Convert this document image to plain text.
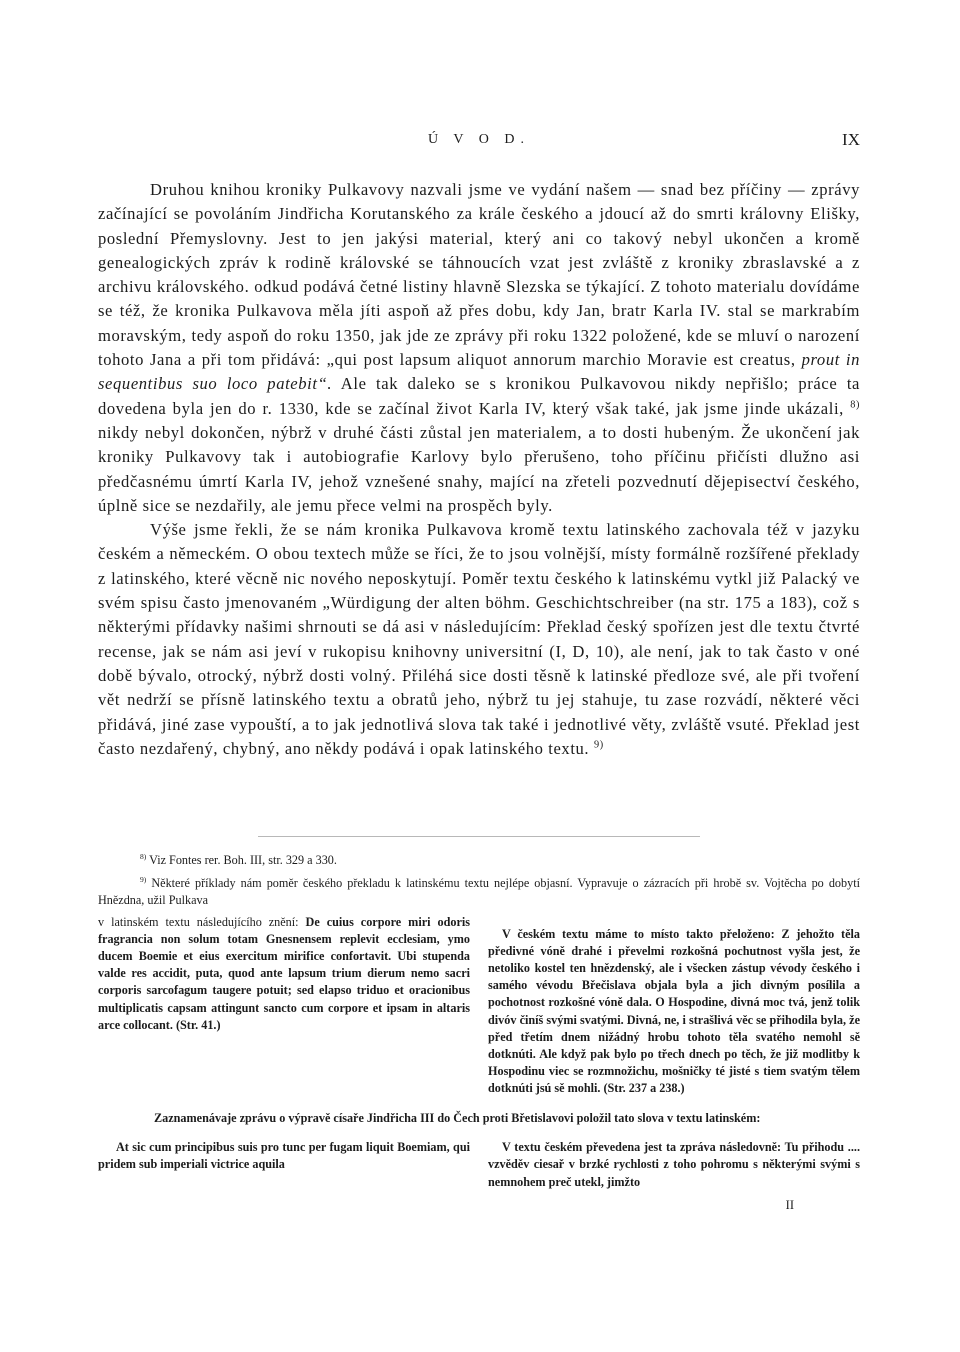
Ú V O D.	IX

Druhou knihou kroniky Pulkavovy nazvali jsme ve vydání našem — snad bez příčiny — zprávy začínající se povoláním Jindřicha Korutanského za krále českého a jdoucí až do smrti královny Elišky, poslední Přemyslovny. Jest to jen jakýsi material, který ani co takový nebyl ukončen a kromě genealogických zpráv k rodině královské se táhnoucích vzat jest zvláště z kroniky zbraslavské a z archivu královského. odkud podává četné listiny hlavně Slezska se týkající. Z tohoto materialu dovídáme se též, že kronika Pulkavova měla jíti aspoň až přes dobu, kdy Jan, bratr Karla IV. stal se markrabím moravským, tedy aspoň do roku 1350, jak jde ze zprávy při roku 1322 položené, kde se mluví o narození tohoto Jana a při tom přidává: „qui post lapsum aliquot annorum marchio Moravie est creatus, prout in sequentibus suo loco patebit“. Ale tak daleko se s kronikou Pulkavovou nikdy nepřišlo; práce ta dovedena byla jen do r. 1330, kde se začínal život Karla IV, který však také, jak jsme jinde ukázali, $^{8)}$ nikdy nebyl dokončen, nýbrž v druhé části zůstal jen materialem, a to dosti hubeným. Že ukončení jak kroniky Pulkavovy tak i autobiografie Karlovy bylo přerušeno, toho příčinu přičísti dlužno asi předčasnému úmrtí Karla IV, jehož vznešené snahy, mající na zřeteli pozvednutí dějepisectví českého, úplně sice se nezdařily, ale jemu přece velmi na prospěch byly.

Výše jsme řekli, že se nám kronika Pulkavova kromě textu latinského zachovala též v jazyku českém a německém. O obou textech může se říci, že to jsou volnější, místy formálně rozšířené překlady z latinského, které věcně nic nového neposkytují. Poměr textu českého k latinskému vytkl již Palacký ve svém spisu často jmenovaném „Würdigung der alten böhm. Geschichtschreiber (na str. 175 a 183), což s některými přídavky našimi shrnouti se dá asi v následujícím: Překlad český spořízen jest dle textu čtvrté recense, jak se nám asi jeví v rukopisu knihovny universitní (I, D, 10), ale není, jak to tak často v oné době bývalo, otrocký, nýbrž dosti volný. Přiléhá sice dosti těsně k latinské předloze své, ale při tvoření vět nedrží se přísně latinského textu a obratů jeho, nýbrž tu jej stahuje, tu zase rozvádí, některé věci přidává, jiné zase vypouští, a to jak jednotlivá slova tak také i jednotlivé věty, zvláště vsuté. Překlad jest často nezdařený, chybný, ano někdy podává i opak latinského textu. $^{9)}$

$^{8)}$ Viz Fontes rer. Boh. III, str. 329 a 330.

$^{9)}$ Některé příklady nám poměr českého překladu k latinskému textu nejlépe objasní. Vypravuje o zázracích při hrobě sv. Vojtěcha po dobytí Hnězdna, užil Pulkava

v latinském textu následujícího znění: De cuius corpore miri odoris fragrancia non solum totam Gnesnensem replevit ecclesiam, ymo ducem Boemie et eius exercitum mirifice confortavit. Ubi stupenda valde res accidit, puta, quod ante lapsum trium dierum nemo sacri corporis sarcofagum taugere potuit; sed elapso triduo et oracionibus multiplicatis capsam attingunt sancto cum corpore et ipsam in altaris arce collocant. (Str. 41.)

V českém textu máme to místo takto přeloženo: Z jehožto těla předivné vóně drahé i převelmi rozkošná pochutnost vyšla jest, že netoliko kostel ten hnězdenský, ale i všecken zástup vévody českého i samého vévodu Břečislava objala byla a jich divným posílila a pochotnost rozkošné vóně dala. O Hospodine, divná moc tvá, jenž tolik divóv činíš svými svatými. Divná, ne, i strašlivá věc se přihodila byla, že před třetím dnem nižádný hrobu tohoto těla svatého nemohl sě dotknúti. Ale když pak bylo po třech dnech po těch, že již modlitby k Hospodinu viec se rozmnožichu, mošničky té jisté s tiem svatým tělem dotknúti jsú sě mohli. (Str. 237 a 238.)

Zaznamenávaje zprávu o výpravě císaře Jindřicha III do Čech proti Břetislavovi položil tato slova v textu latinském:

At sic cum principibus suis pro tunc per fugam liquit Boemiam, qui pridem sub imperiali victrice aquila

V textu českém převedena jest ta zpráva následovně: Tu přihodu .... vzvěděv ciesař v brzké rychlosti z toho pohromu s některými svými s nemnohem preč utekl, jimžto

II
